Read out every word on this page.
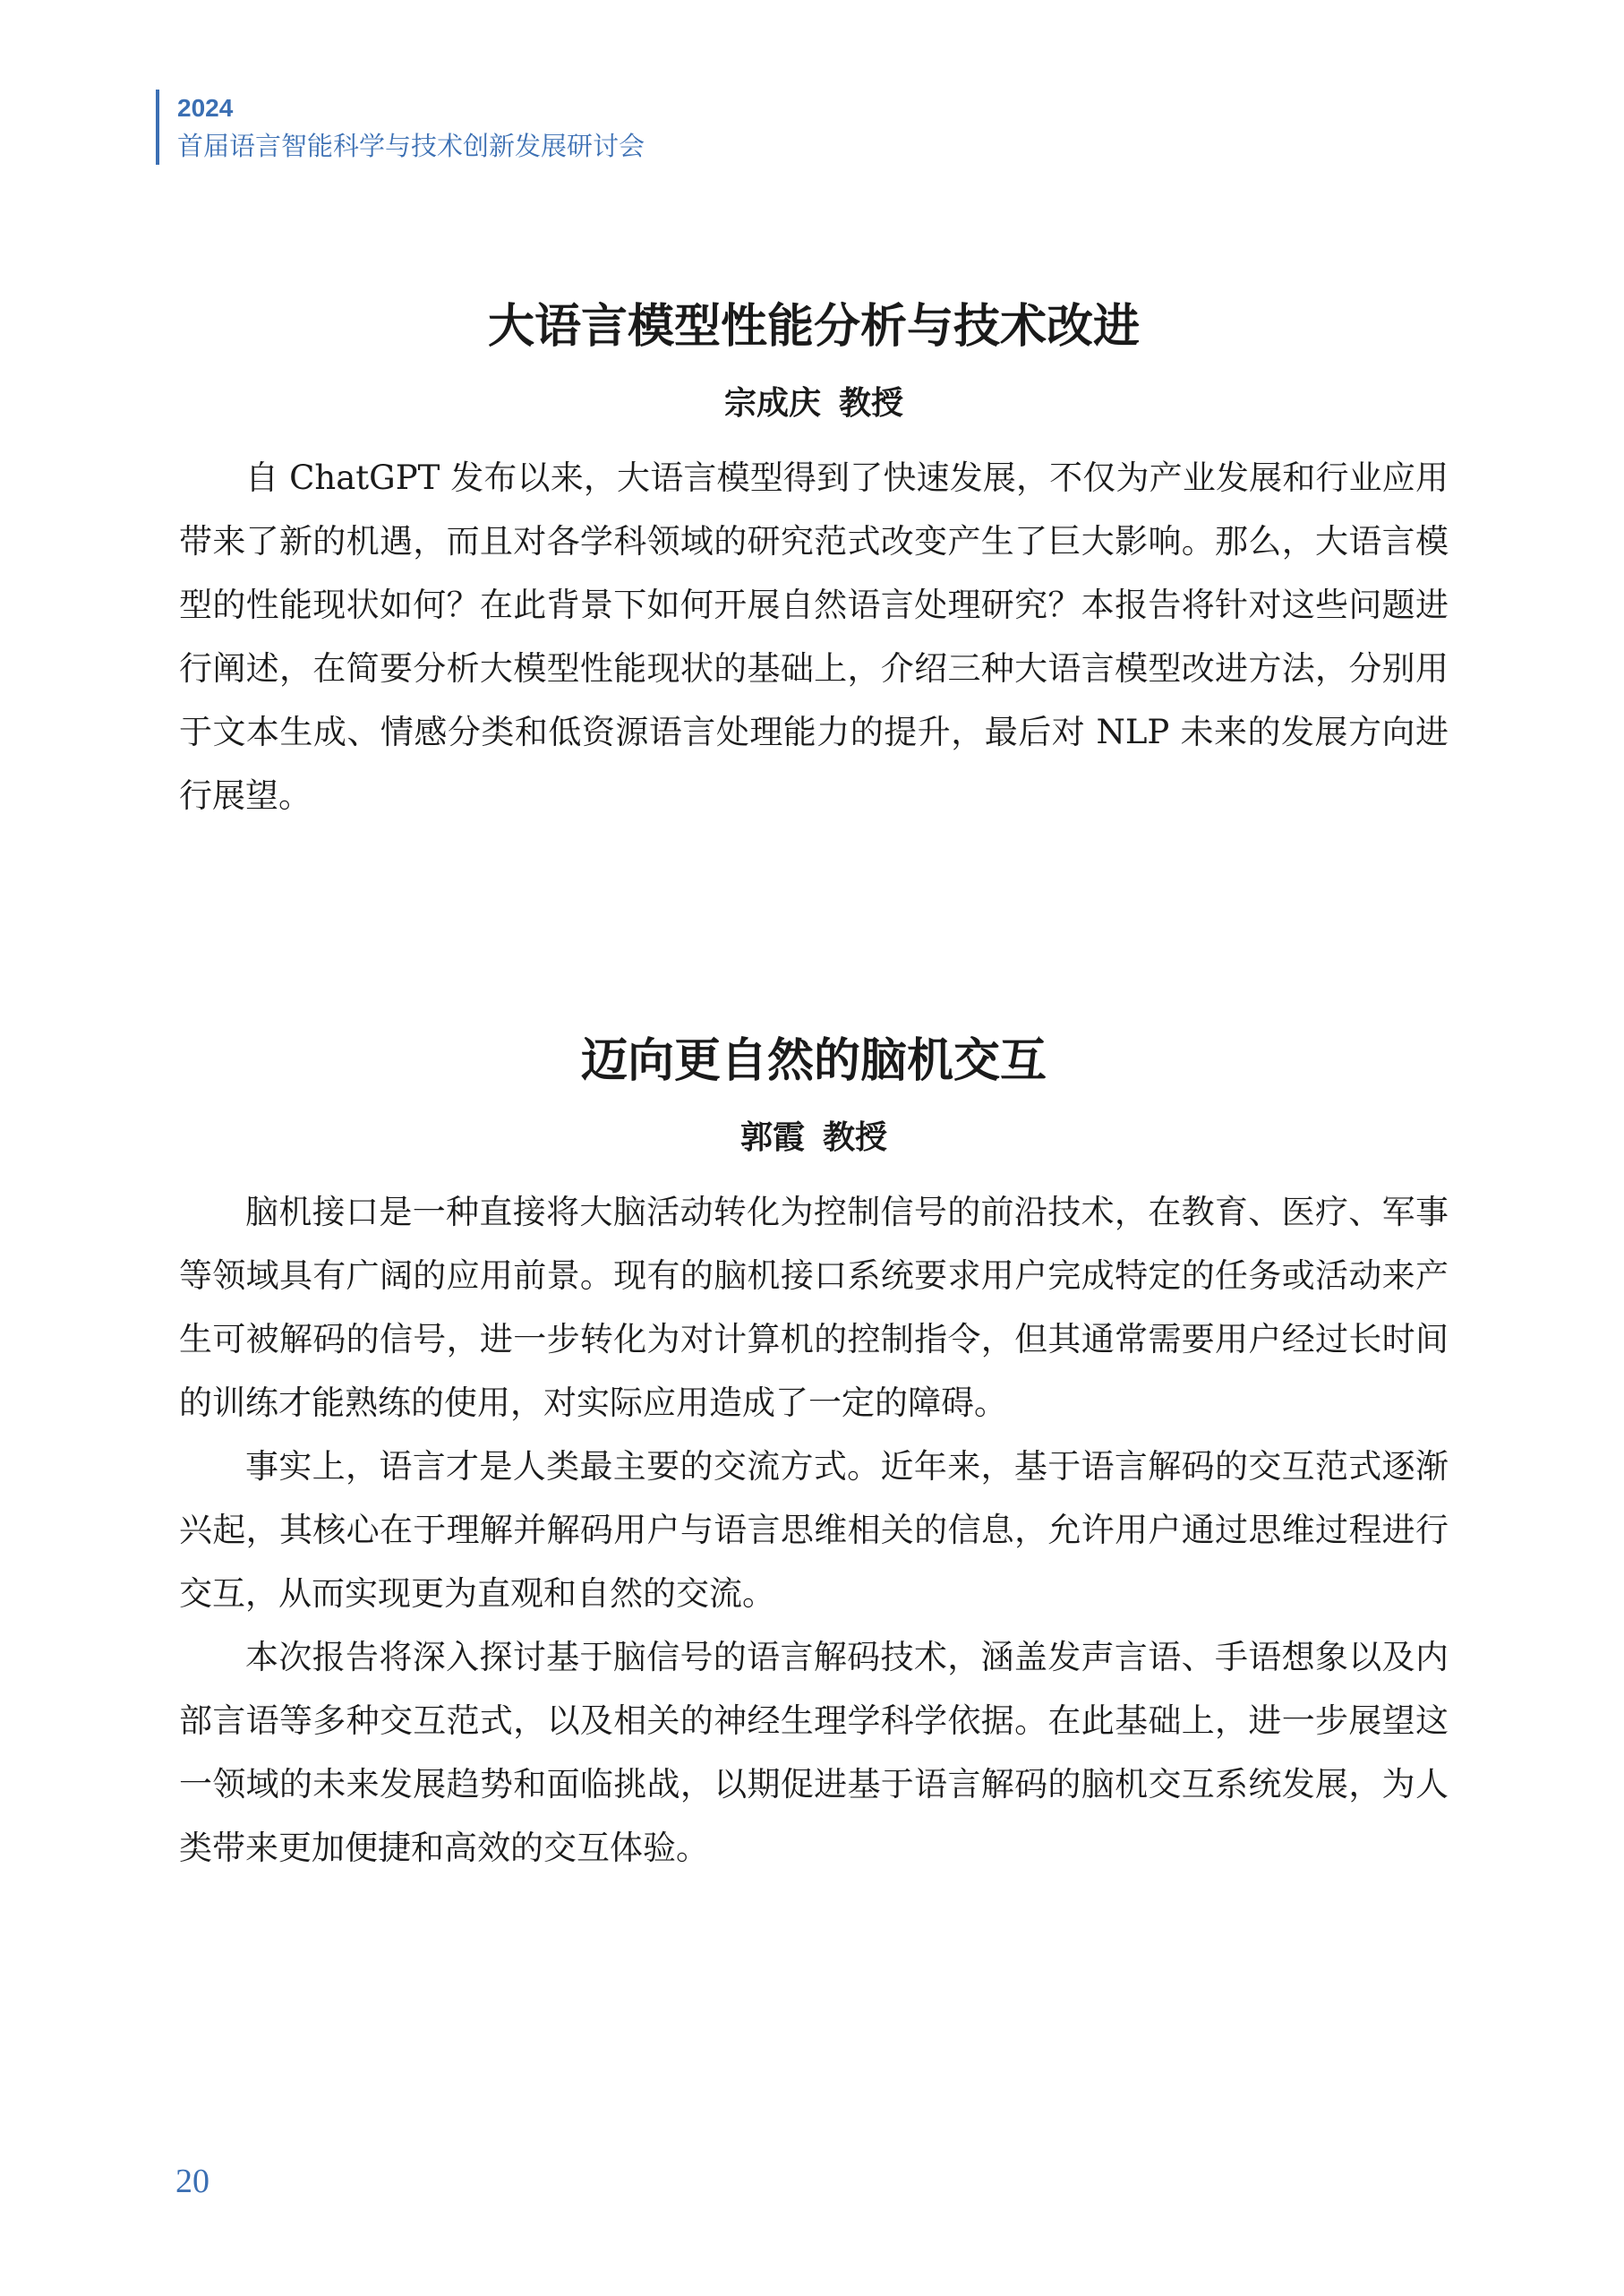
2024
首届语言智能科学与技术创新发展研讨会
大语言模型性能分析与技术改进
宗成庆 教授

自 ChatGPT 发布以来，大语言模型得到了快速发展，不仅为产业发展和行业应用带来了新的机遇，而且对各学科领域的研究范式改变产生了巨大影响。那么，大语言模型的性能现状如何？在此背景下如何开展自然语言处理研究？本报告将针对这些问题进行阐述，在简要分析大模型性能现状的基础上，介绍三种大语言模型改进方法，分别用于文本生成、情感分类和低资源语言处理能力的提升，最后对 NLP 未来的发展方向进行展望。

迈向更自然的脑机交互
郭霞 教授

脑机接口是一种直接将大脑活动转化为控制信号的前沿技术，在教育、医疗、军事等领域具有广阔的应用前景。现有的脑机接口系统要求用户完成特定的任务或活动来产生可被解码的信号，进一步转化为对计算机的控制指令，但其通常需要用户经过长时间的训练才能熟练的使用，对实际应用造成了一定的障碍。

事实上，语言才是人类最主要的交流方式。近年来，基于语言解码的交互范式逐渐兴起，其核心在于理解并解码用户与语言思维相关的信息，允许用户通过思维过程进行交互，从而实现更为直观和自然的交流。

本次报告将深入探讨基于脑信号的语言解码技术，涵盖发声言语、手语想象以及内部言语等多种交互范式，以及相关的神经生理学科学依据。在此基础上，进一步展望这一领域的未来发展趋势和面临挑战，以期促进基于语言解码的脑机交互系统发展，为人类带来更加便捷和高效的交互体验。

20
